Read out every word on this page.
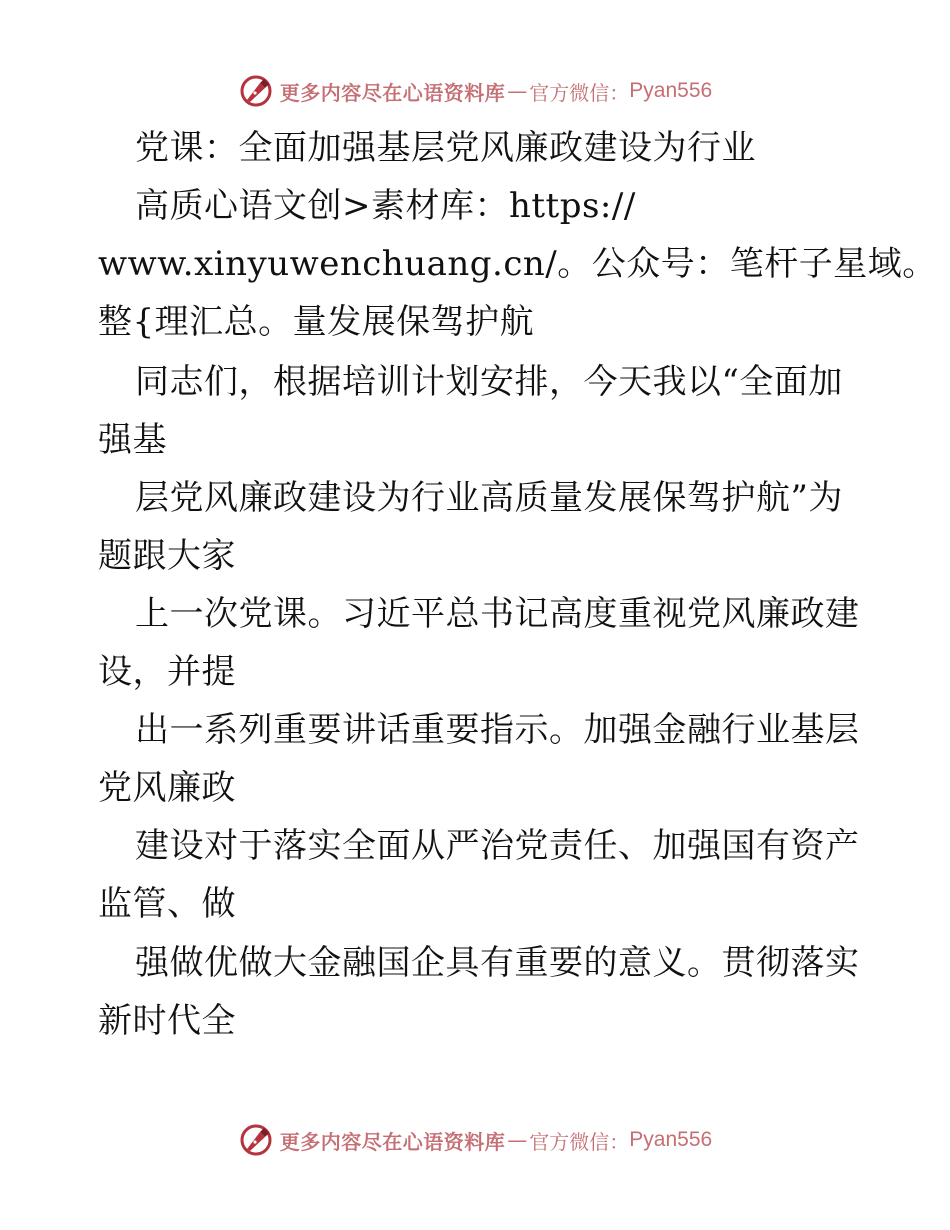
更多内容尽在心语资料库 — 官方微信： Pyan556
党课：全面加强基层党风廉政建设为行业
高质心语文创>素材库：https://
www.xinyuwenchuang.cn/。公众号：笔杆子星域。
整{理汇总。量发展保驾护航
同志们，根据培训计划安排，今天我以“全面加
强基
层党风廉政建设为行业高质量发展保驾护航”为
题跟大家
上一次党课。习近平总书记高度重视党风廉政建
设，并提
出一系列重要讲话重要指示。加强金融行业基层
党风廉政
建设对于落实全面从严治党责任、加强国有资产
监管、做
强做优做大金融国企具有重要的意义。贯彻落实
新时代全
更多内容尽在心语资料库 — 官方微信： Pyan556
